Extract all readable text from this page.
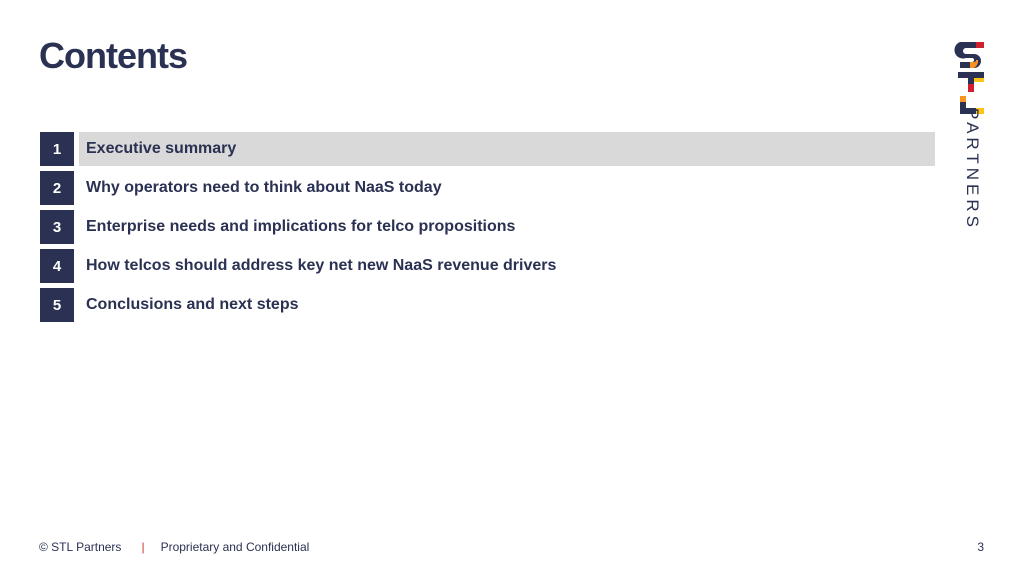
Contents
1	Executive summary
2	Why operators need to think about NaaS today
3	Enterprise needs and implications for telco propositions
4	How telcos should address key net new NaaS revenue drivers
5	Conclusions and next steps
PARTNERS
© STL Partners | Proprietary and Confidential	3
